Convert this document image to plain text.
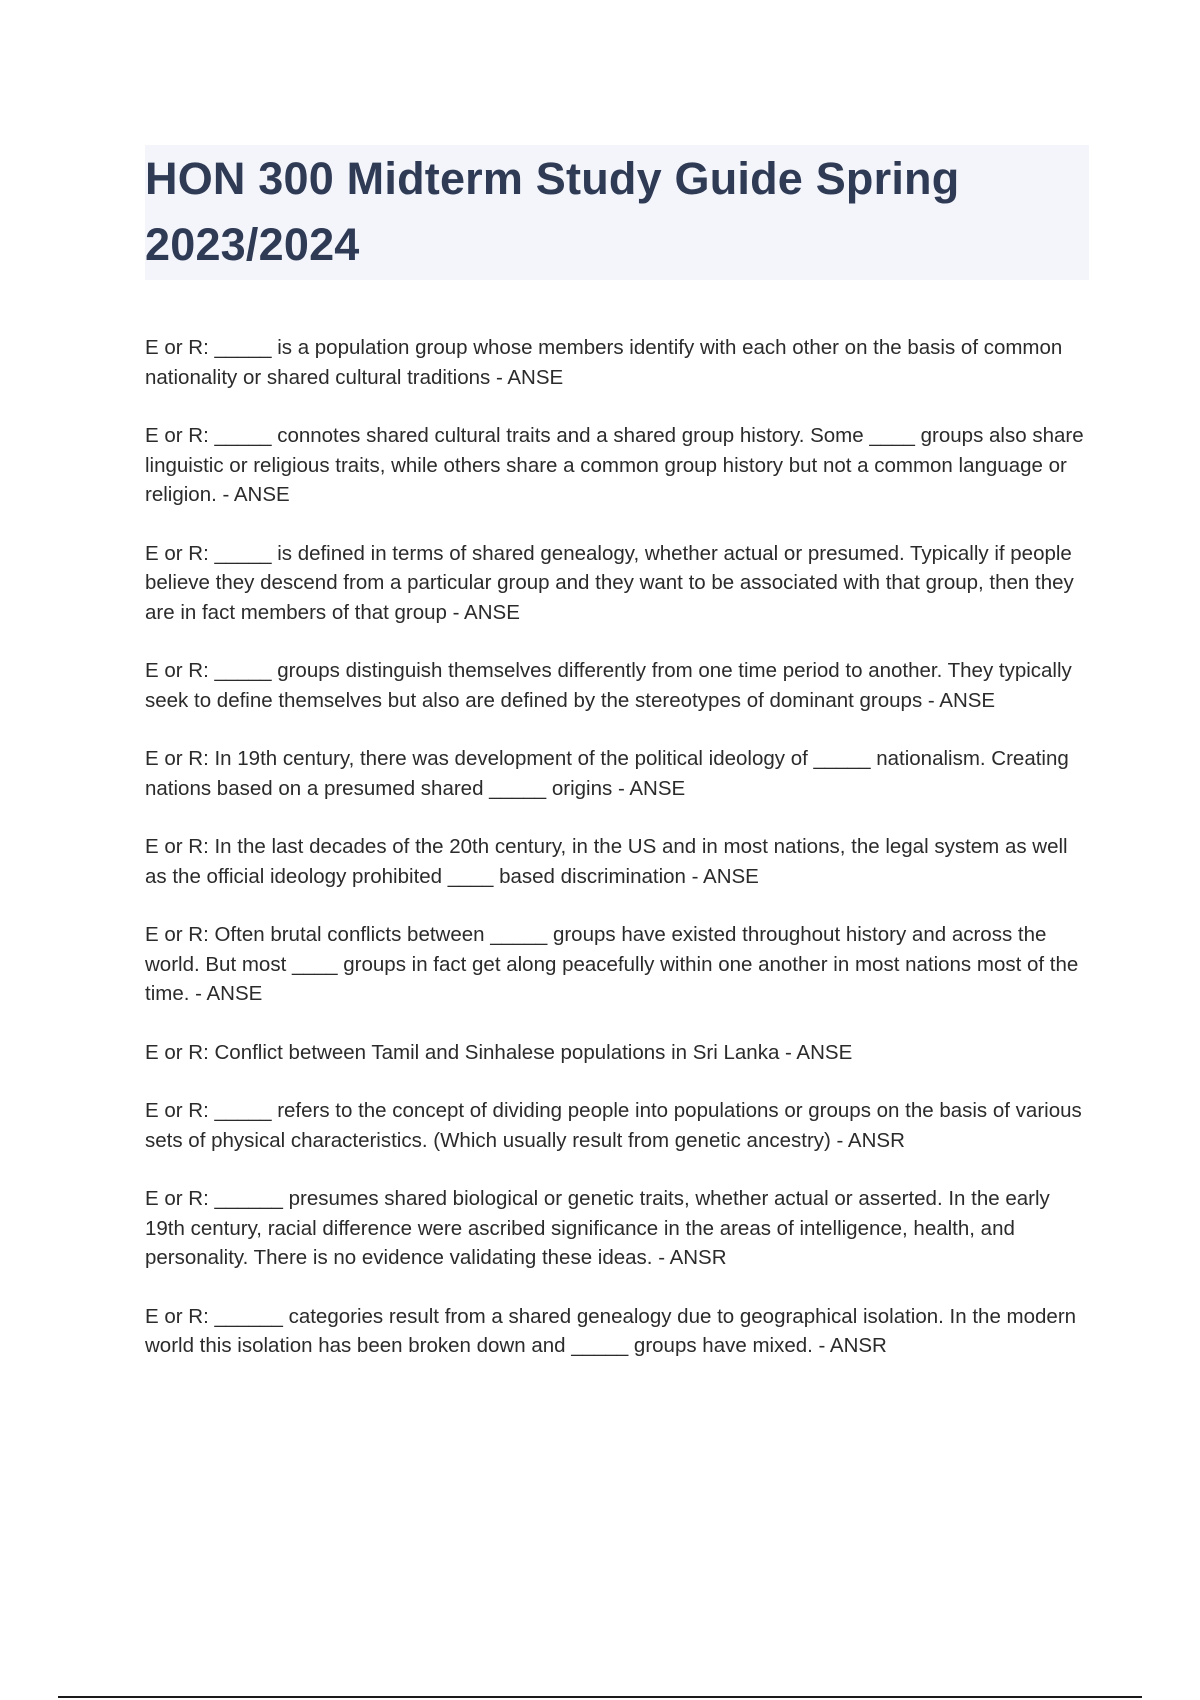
HON 300 Midterm Study Guide Spring 2023/2024
E or R: _____ is a population group whose members identify with each other on the basis of common nationality or shared cultural traditions - ANSE
E or R: _____ connotes shared cultural traits and a shared group history. Some ____ groups also share linguistic or religious traits, while others share a common group history but not a common language or religion. - ANSE
E or R: _____ is defined in terms of shared genealogy, whether actual or presumed. Typically if people believe they descend from a particular group and they want to be associated with that group, then they are in fact members of that group - ANSE
E or R: _____ groups distinguish themselves differently from one time period to another. They typically seek to define themselves but also are defined by the stereotypes of dominant groups - ANSE
E or R: In 19th century, there was development of the political ideology of _____ nationalism. Creating nations based on a presumed shared _____ origins - ANSE
E or R: In the last decades of the 20th century, in the US and in most nations, the legal system as well as the official ideology prohibited ____ based discrimination - ANSE
E or R: Often brutal conflicts between _____ groups have existed throughout history and across the world. But most ____ groups in fact get along peacefully within one another in most nations most of the time. - ANSE
E or R: Conflict between Tamil and Sinhalese populations in Sri Lanka - ANSE
E or R: _____ refers to the concept of dividing people into populations or groups on the basis of various sets of physical characteristics. (Which usually result from genetic ancestry) - ANSR
E or R: ______ presumes shared biological or genetic traits, whether actual or asserted. In the early 19th century, racial difference were ascribed significance in the areas of intelligence, health, and personality. There is no evidence validating these ideas. - ANSR
E or R: ______ categories result from a shared genealogy due to geographical isolation. In the modern world this isolation has been broken down and _____ groups have mixed. - ANSR
